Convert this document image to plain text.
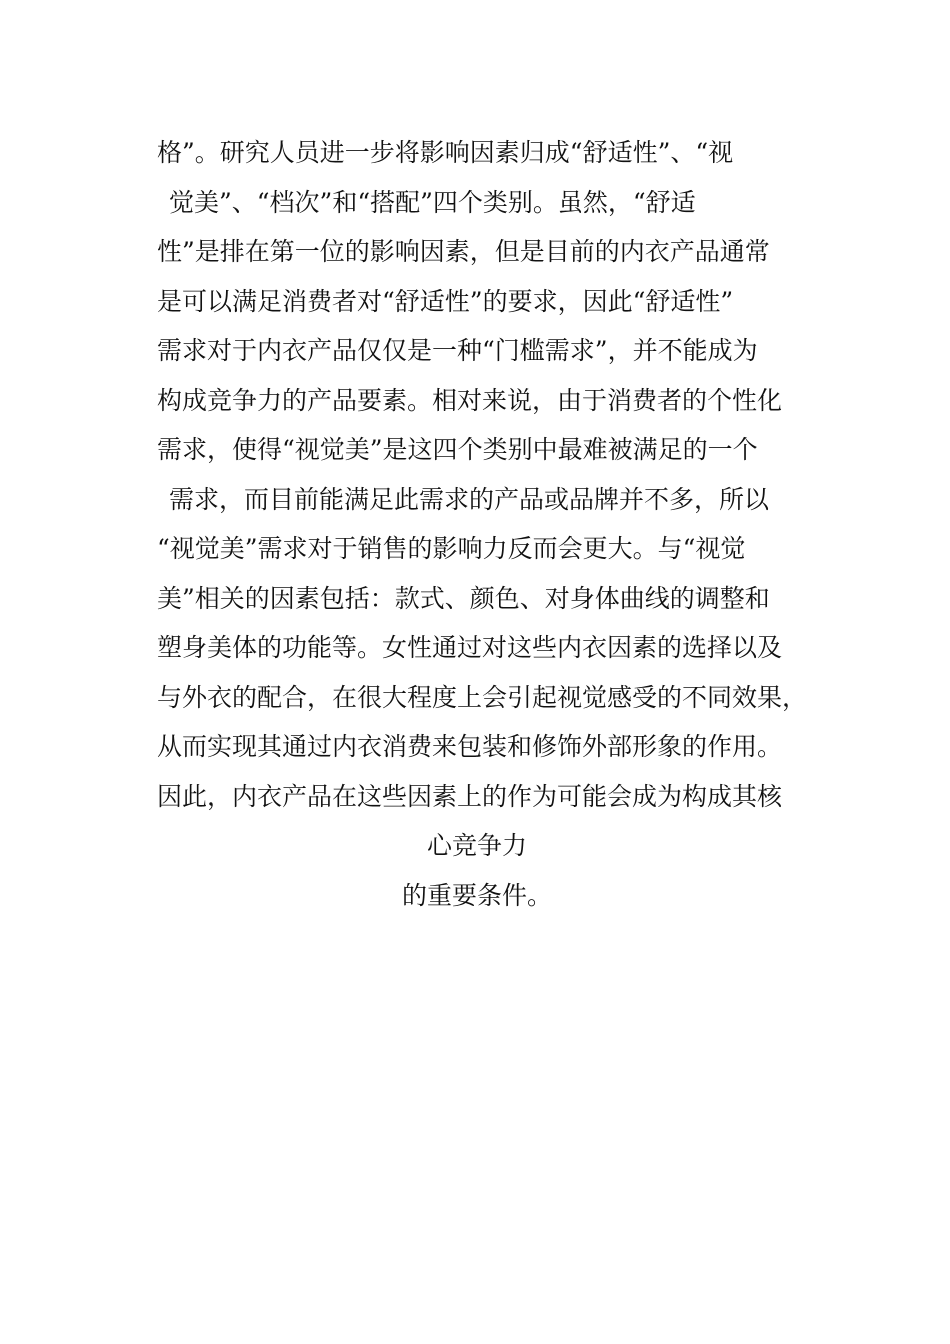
格”。研究人员进一步将影响因素归成“舒适性”、“视
觉美”、“档次”和“搭配”四个类别。虽然，“舒适
性”是排在第一位的影响因素，但是目前的内衣产品通常
是可以满足消费者对“舒适性”的要求，因此“舒适性”
需求对于内衣产品仅仅是一种“门槛需求”，并不能成为
构成竞争力的产品要素。相对来说，由于消费者的个性化
需求，使得“视觉美”是这四个类别中最难被满足的一个
需求，而目前能满足此需求的产品或品牌并不多，所以
“视觉美”需求对于销售的影响力反而会更大。与“视觉
美”相关的因素包括：款式、颜色、对身体曲线的调整和
塑身美体的功能等。女性通过对这些内衣因素的选择以及
与外衣的配合，在很大程度上会引起视觉感受的不同效果，
从而实现其通过内衣消费来包装和修饰外部形象的作用。
因此，内衣产品在这些因素上的作为可能会成为构成其核
心竞争力
的重要条件。
